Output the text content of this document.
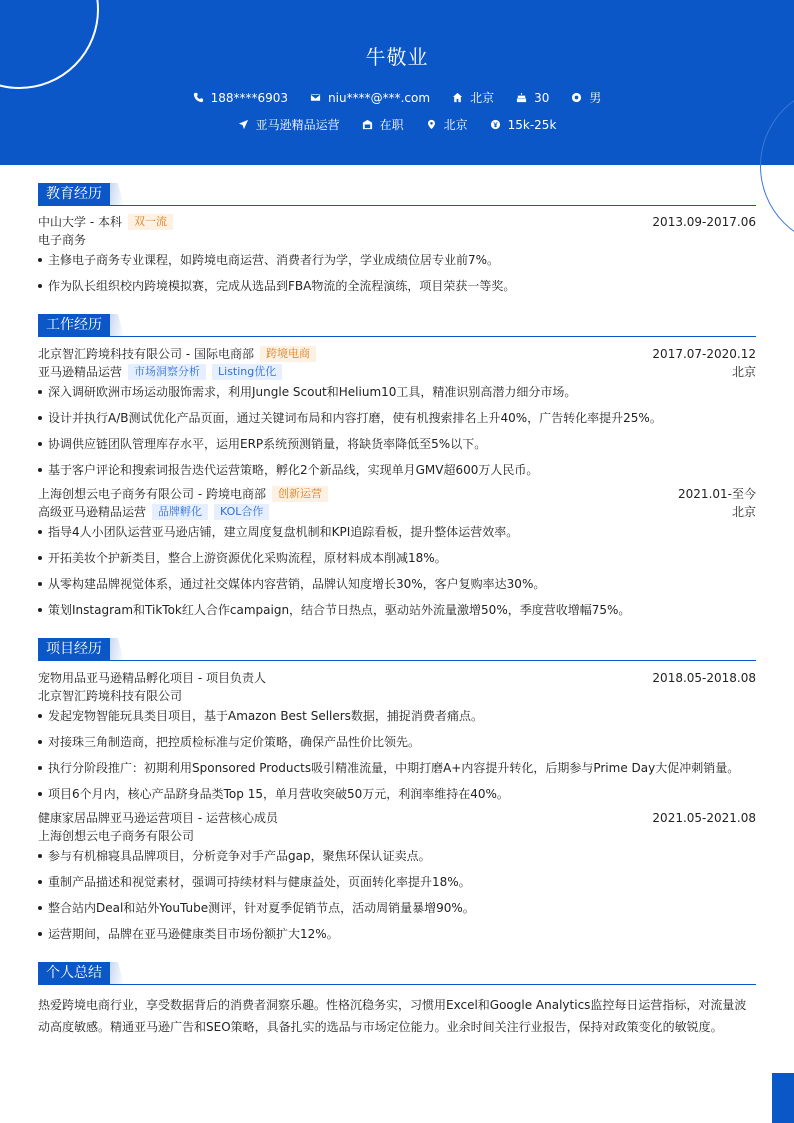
牛敬业
188****6903	niu****@***.com	北京	30	男
亚马逊精品运营	在职	北京	15k-25k
教育经历
中山大学 - 本科	双一流	2013.09-2017.06
电子商务
主修电子商务专业课程，如跨境电商运营、消费者行为学，学业成绩位居专业前7%。
作为队长组织校内跨境模拟赛，完成从选品到FBA物流的全流程演练，项目荣获一等奖。
工作经历
北京智汇跨境科技有限公司 - 国际电商部	跨境电商	2017.07-2020.12
亚马逊精品运营	市场洞察分析	Listing优化	北京
深入调研欧洲市场运动服饰需求，利用Jungle Scout和Helium10工具，精准识别高潜力细分市场。
设计并执行A/B测试优化产品页面，通过关键词布局和内容打磨，使有机搜索排名上升40%，广告转化率提升25%。
协调供应链团队管理库存水平，运用ERP系统预测销量，将缺货率降低至5%以下。
基于客户评论和搜索词报告迭代运营策略，孵化2个新品线，实现单月GMV超600万人民币。
上海创想云电子商务有限公司 - 跨境电商部	创新运营	2021.01-至今
高级亚马逊精品运营	品牌孵化	KOL合作	北京
指导4人小团队运营亚马逊店铺，建立周度复盘机制和KPI追踪看板，提升整体运营效率。
开拓美妆个护新类目，整合上游资源优化采购流程，原材料成本削减18%。
从零构建品牌视觉体系，通过社交媒体内容营销，品牌认知度增长30%，客户复购率达30%。
策划Instagram和TikTok红人合作campaign，结合节日热点，驱动站外流量激增50%，季度营收增幅75%。
项目经历
宠物用品亚马逊精品孵化项目 - 项目负责人	2018.05-2018.08
北京智汇跨境科技有限公司
发起宠物智能玩具类目项目，基于Amazon Best Sellers数据，捕捉消费者痛点。
对接珠三角制造商，把控质检标准与定价策略，确保产品性价比领先。
执行分阶段推广：初期利用Sponsored Products吸引精准流量，中期打磨A+内容提升转化，后期参与Prime Day大促冲刺销量。
项目6个月内，核心产品跻身品类Top 15，单月营收突破50万元，利润率维持在40%。
健康家居品牌亚马逊运营项目 - 运营核心成员	2021.05-2021.08
上海创想云电子商务有限公司
参与有机棉寝具品牌项目，分析竞争对手产品gap，聚焦环保认证卖点。
重制产品描述和视觉素材，强调可持续材料与健康益处，页面转化率提升18%。
整合站内Deal和站外YouTube测评，针对夏季促销节点，活动周销量暴增90%。
运营期间，品牌在亚马逊健康类目市场份额扩大12%。
个人总结
热爱跨境电商行业，享受数据背后的消费者洞察乐趣。性格沉稳务实，习惯用Excel和Google Analytics监控每日运营指标，对流量波动高度敏感。精通亚马逊广告和SEO策略，具备扎实的选品与市场定位能力。业余时间关注行业报告，保持对政策变化的敏锐度。
